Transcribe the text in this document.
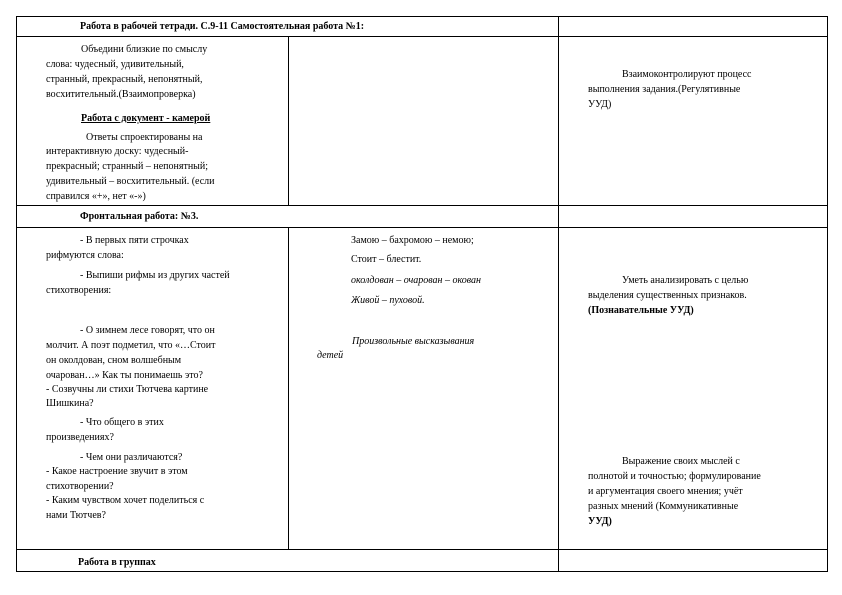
Работа в рабочей тетради. С.9-11 Самостоятельная работа №1:
Объедини близкие по смыслу
слова: чудесный, удивительный,
странный, прекрасный, непонятный,
восхитительный.(Взаимопроверка)
Работа с документ - камерой
Ответы спроектированы на
интерактивную доску: чудесный-
прекрасный; странный – непонятный;
удивительный – восхитительный. (если
справился «+», нет «-»)
Взаимоконтролируют процесс
выполнения задания.(Регулятивные
УУД)
Фронтальная работа: №3.
- В первых пяти строчках
рифмуются слова:
- Выпиши рифмы из других частей
стихотворения:
- О зимнем лесе говорят, что он
молчит. А поэт подметил, что «…Стоит
он околдован, сном волшебным
очарован…» Как ты понимаешь это?
- Созвучны ли стихи Тютчева картине
Шишкина?
- Что общего в этих
произведениях?
- Чем они различаются?
- Какое настроение звучит в этом
стихотворении?
- Каким чувством хочет поделиться с
нами Тютчев?
Замою – бахромою – немою;
Стоит – блестит.
околдован – очарован – окован
Живой – пуховой.
Произвольные высказывания
детей
Уметь анализировать с целью
выделения существенных признаков.
(Познавательные УУД)
Выражение своих мыслей с
полнотой и точностью; формулирование
и аргументация своего мнения; учёт
разных мнений (Коммуникативные
УУД)
Работа в группах
